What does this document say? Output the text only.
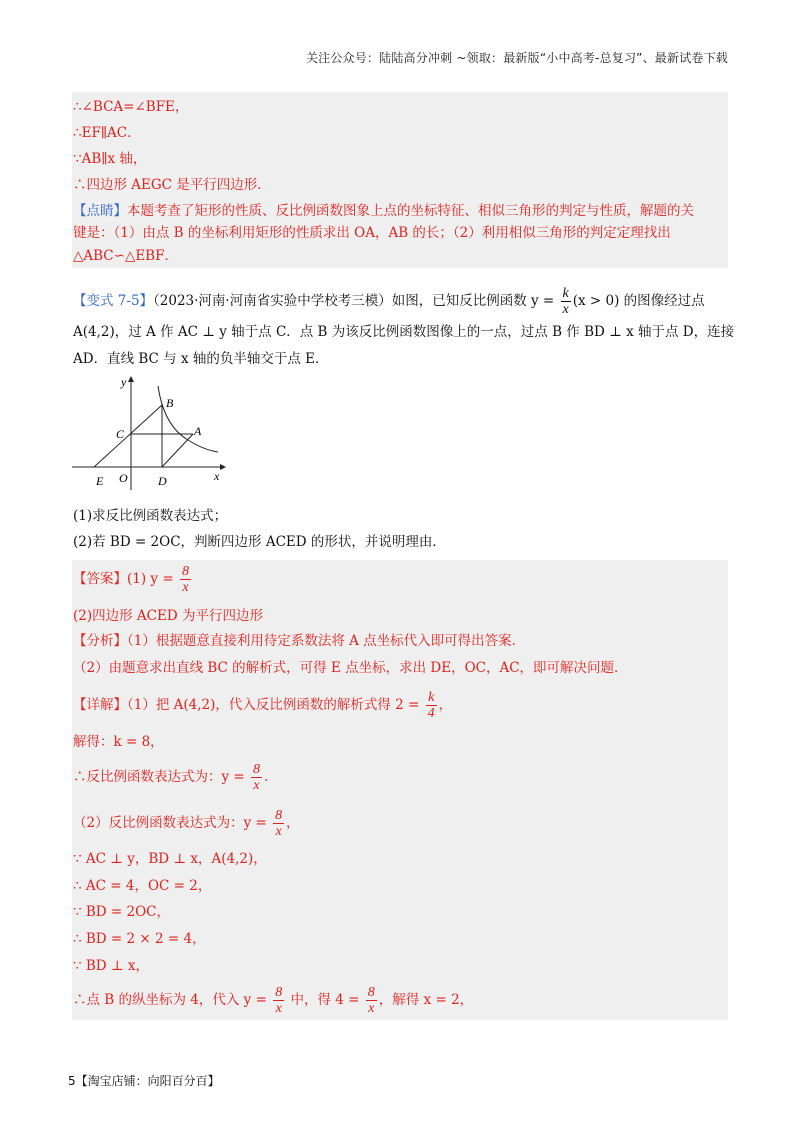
关注公众号：陆陆高分冲刺 ~领取：最新版“小中高考-总复习”、最新试卷下载
∴∠BCA=∠BFE，
∴EF∥AC．
∵AB∥x 轴，
∴四边形 AEGC 是平行四边形．
【点睛】本题考查了矩形的性质、反比例函数图象上点的坐标特征、相似三角形的判定与性质，解题的关
键是：（1）由点 B 的坐标利用矩形的性质求出 OA，AB 的长；（2）利用相似三角形的判定定理找出
△ABC∽△EBF．
【变式 7-5】（2023·河南·河南省实验中学校考三模）如图，已知反比例函数 $y = \frac{k}{x} (x > 0)$ 的图像经过点
A(4,2)，过 A 作 AC ⊥ y 轴于点 C．点 B 为该反比例函数图像上的一点，过点 B 作 BD ⊥ x 轴于点 D，连接
AD．直线 BC 与 x 轴的负半轴交于点 E．
y
x
B
C	A
E O	D
(1)求反比例函数表达式；
(2)若 BD = 2OC，判断四边形 ACED 的形状，并说明理由．
【答案】(1) $y = \frac{8}{x}$
(2)四边形 ACED 为平行四边形
【分析】（1）根据题意直接利用待定系数法将 A 点坐标代入即可得出答案．
（2）由题意求出直线 BC 的解析式，可得 E 点坐标，求出 DE，OC，AC，即可解决问题．
【详解】（1）把 A(4,2)，代入反比例函数的解析式得 $2 = \frac{k}{4}$ ，
解得：k = 8，
∴反比例函数表达式为：$y = \frac{8}{x}$ ．
（2）反比例函数表达式为：$y = \frac{8}{x}$ ，
∵ AC ⊥ y，BD ⊥ x，A(4,2)，
∴ AC = 4，OC = 2，
∵ BD = 2OC，
∴ BD = 2 × 2 = 4，
∵ BD ⊥ x，
∴点 B 的纵坐标为 4，代入 $y = \frac{8}{x}$ 中，得 $4 = \frac{8}{x}$ ，解得 x = 2，
5【淘宝店铺：向阳百分百】
